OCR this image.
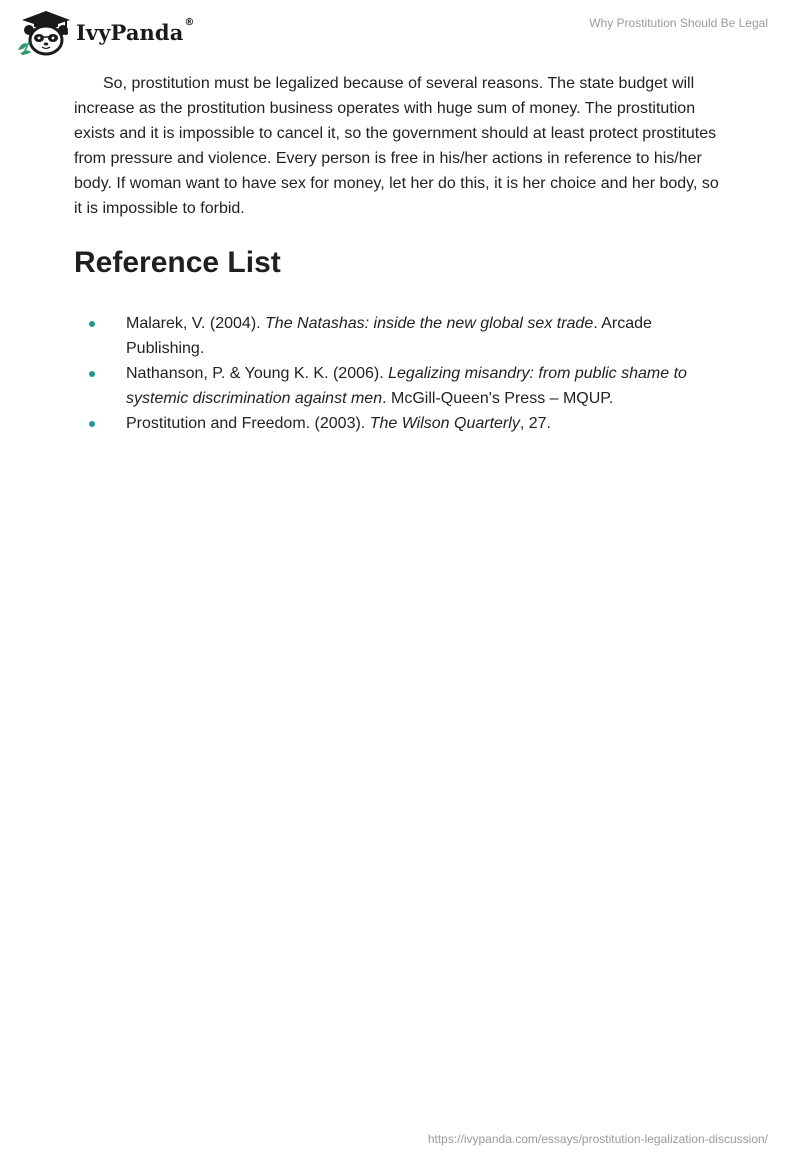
IvyPanda®	Why Prostitution Should Be Legal

So, prostitution must be legalized because of several reasons. The state budget will increase as the prostitution business operates with huge sum of money. The prostitution exists and it is impossible to cancel it, so the government should at least protect prostitutes from pressure and violence. Every person is free in his/her actions in reference to his/her body. If woman want to have sex for money, let her do this, it is her choice and her body, so it is impossible to forbid.

Reference List
Malarek, V. (2004). The Natashas: inside the new global sex trade. Arcade Publishing.
Nathanson, P. & Young K. K. (2006). Legalizing misandry: from public shame to systemic discrimination against men. McGill-Queen's Press – MQUP.
Prostitution and Freedom. (2003). The Wilson Quarterly, 27.
https://ivypanda.com/essays/prostitution-legalization-discussion/
